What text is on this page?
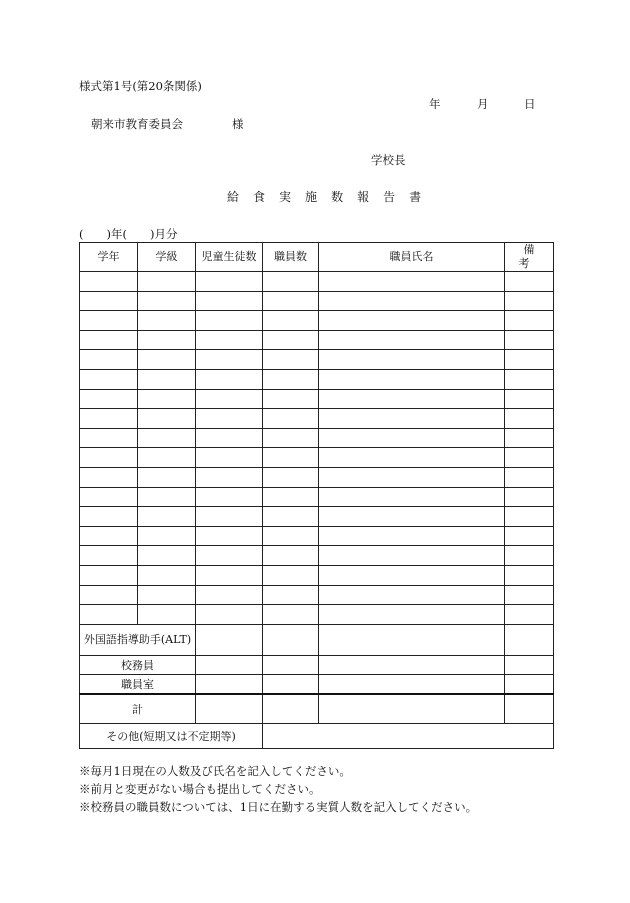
様式第1号(第20条関係)
年	月	日
朝来市教育委員会	様
学校長
給 食 実 施 数 報 告 書
(　　)年(　　)月分
学年	学級	児童生徒数	職員数	職員氏名	備 考

外国語指導助手(ALT)					
校務員					
職員室					
計					
その他(短期又は不定期等)					
※毎月1日現在の人数及び氏名を記入してください。
※前月と変更がない場合も提出してください。
※校務員の職員数については、1日に在勤する実質人数を記入してください。
